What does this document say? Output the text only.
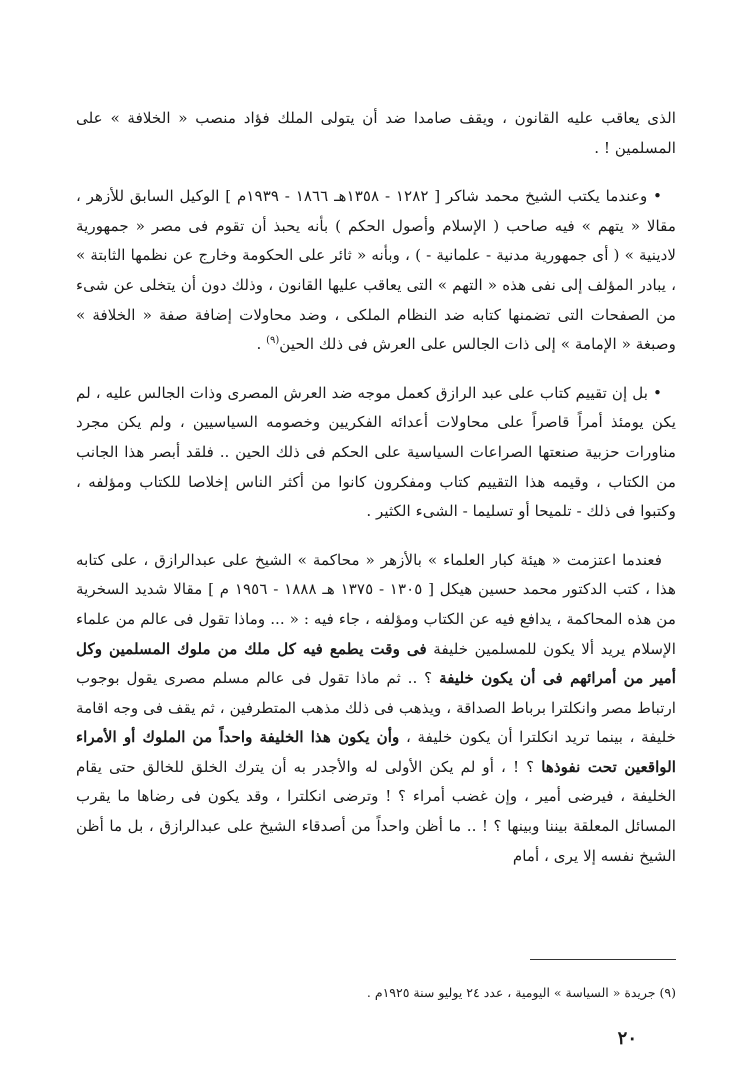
الذى يعاقب عليه القانون ، ويقف صامدا ضد أن يتولى الملك فؤاد منصب « الخلافة » على المسلمين ! .

• وعندما يكتب الشيخ محمد شاكر [ ١٢٨٢ - ١٣٥٨هـ ١٨٦٦ - ١٩٣٩م ] الوكيل السابق للأزهر ، مقالا « يتهم » فيه صاحب ( الإسلام وأصول الحكم ) بأنه يحبذ أن تقوم فى مصر « جمهورية لادينية » ( أى جمهورية مدنية - علمانية - ) ، وبأنه « ثائر على الحكومة وخارج عن نظمها الثابتة » ، يبادر المؤلف إلى نفى هذه « التهم » التى يعاقب عليها القانون ، وذلك دون أن يتخلى عن شىء من الصفحات التى تضمنها كتابه ضد النظام الملكى ، وضد محاولات إضافة صفة « الخلافة » وصبغة « الإمامة » إلى ذات الجالس على العرش فى ذلك الحين$^{(٩)}$ .

• بل إن تقييم كتاب على عبد الرازق كعمل موجه ضد العرش المصرى وذات الجالس عليه ، لم يكن يومئذ أمراً قاصراً على محاولات أعدائه الفكريين وخصومه السياسيين ، ولم يكن مجرد مناورات حزبية صنعتها الصراعات السياسية على الحكم فى ذلك الحين .. فلقد أبصر هذا الجانب من الكتاب ، وقيمه هذا التقييم كتاب ومفكرون كانوا من أكثر الناس إخلاصا للكتاب ومؤلفه ، وكتبوا فى ذلك - تلميحا أو تسليما - الشىء الكثير .

فعندما اعتزمت « هيئة كبار العلماء » بالأزهر « محاكمة » الشيخ على عبدالرازق ، على كتابه هذا ، كتب الدكتور محمد حسين هيكل [ ١٣٠٥ - ١٣٧٥ هـ ١٨٨٨ - ١٩٥٦ م ] مقالا شديد السخرية من هذه المحاكمة ، يدافع فيه عن الكتاب ومؤلفه ، جاء فيه : « ... وماذا تقول فى عالم من علماء الإسلام يريد ألا يكون للمسلمين خليفة فى وقت يطمع فيه كل ملك من ملوك المسلمين وكل أمير من أمرائهم فى أن يكون خليفة ؟ .. ثم ماذا تقول فى عالم مسلم مصرى يقول بوجوب ارتباط مصر وانكلترا برباط الصداقة ، ويذهب فى ذلك مذهب المتطرفين ، ثم يقف فى وجه اقامة خليفة ، بينما تريد انكلترا أن يكون خليفة ، وأن يكون هذا الخليفة واحداً من الملوك أو الأمراء الواقعين تحت نفوذها ؟ ! ، أو لم يكن الأولى له والأجدر به أن يترك الخلق للخالق حتى يقام الخليفة ، فيرضى أمير ، وإن غضب أمراء ؟ ! وترضى انكلترا ، وقد يكون فى رضاها ما يقرب المسائل المعلقة بيننا وبينها ؟ ! .. ما أظن واحداً من أصدقاء الشيخ على عبدالرازق ، بل ما أظن الشيخ نفسه إلا يرى ، أمام

(٩) جريدة « السياسة » اليومية ، عدد ٢٤ يوليو سنة ١٩٢٥م .

٢٠
